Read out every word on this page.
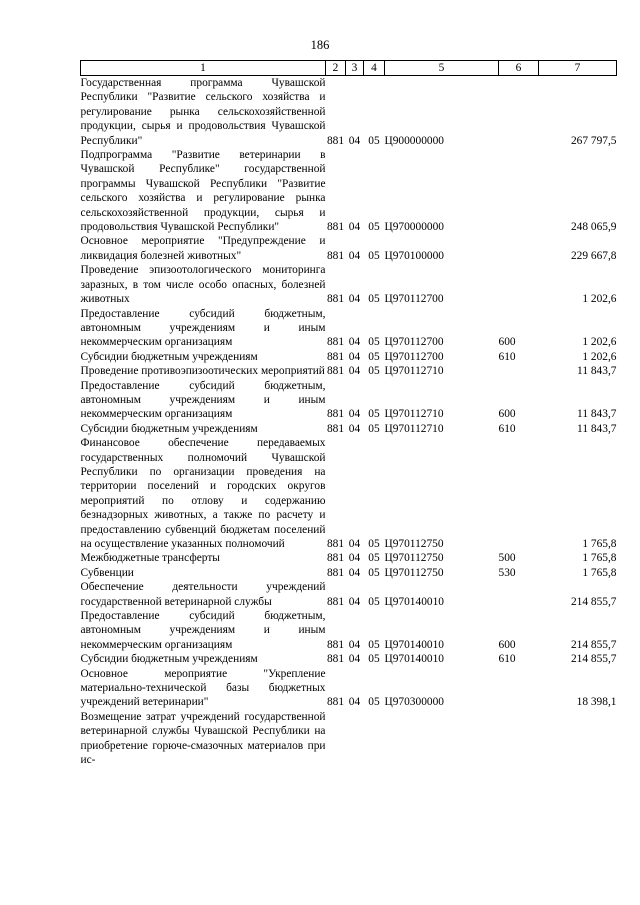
186
1	2	3	4	5	6	7
Государственная программа Чувашской Республики "Развитие сельского хозяйства и регулирование рынка сельскохозяйственной продукции, сырья и продовольствия Чувашской Республики"	881	04	05	Ц900000000		267 797,5
Подпрограмма "Развитие ветеринарии в Чувашской Республике" государственной программы Чувашской Республики "Развитие сельского хозяйства и регулирование рынка сельскохозяйственной продукции, сырья и продовольствия Чувашской Республики"	881	04	05	Ц970000000		248 065,9
Основное мероприятие "Предупреждение и ликвидация болезней животных"	881	04	05	Ц970100000		229 667,8
Проведение эпизоотологического мониторинга заразных, в том числе особо опасных, болезней животных	881	04	05	Ц970112700		1 202,6
Предоставление субсидий бюджетным, автономным учреждениям и иным некоммерческим организациям	881	04	05	Ц970112700	600	1 202,6
Субсидии бюджетным учреждениям	881	04	05	Ц970112700	610	1 202,6
Проведение противоэпизоотических мероприятий	881	04	05	Ц970112710		11 843,7
Предоставление субсидий бюджетным, автономным учреждениям и иным некоммерческим организациям	881	04	05	Ц970112710	600	11 843,7
Субсидии бюджетным учреждениям	881	04	05	Ц970112710	610	11 843,7
Финансовое обеспечение передаваемых государственных полномочий Чувашской Республики по организации проведения на территории поселений и городских округов мероприятий по отлову и содержанию безнадзорных животных, а также по расчету и предоставлению субвенций бюджетам поселений на осуществление указанных полномочий	881	04	05	Ц970112750		1 765,8
Межбюджетные трансферты	881	04	05	Ц970112750	500	1 765,8
Субвенции	881	04	05	Ц970112750	530	1 765,8
Обеспечение деятельности учреждений государственной ветеринарной службы	881	04	05	Ц970140010		214 855,7
Предоставление субсидий бюджетным, автономным учреждениям и иным некоммерческим организациям	881	04	05	Ц970140010	600	214 855,7
Субсидии бюджетным учреждениям	881	04	05	Ц970140010	610	214 855,7
Основное мероприятие "Укрепление материально-технической базы бюджетных учреждений ветеринарии"	881	04	05	Ц970300000		18 398,1
Возмещение затрат учреждений государственной ветеринарной службы Чувашской Республики на приобретение горюче-смазочных материалов при ис-						
